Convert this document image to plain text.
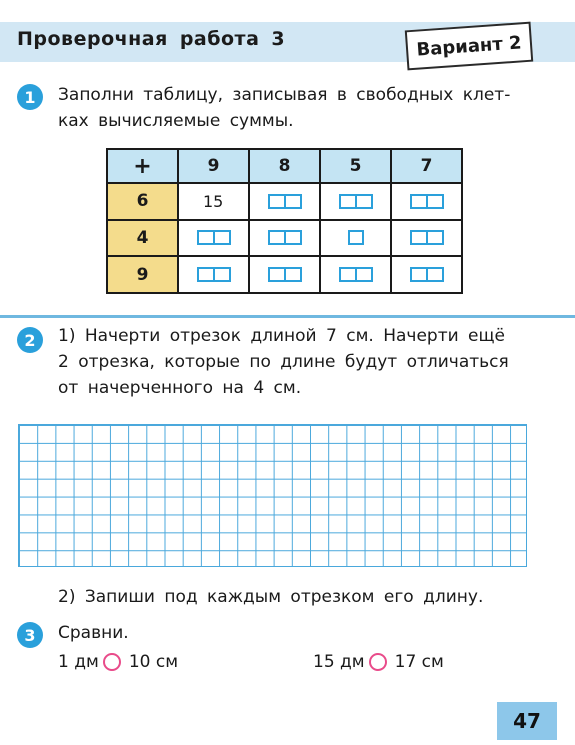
Проверочная работа 3	Вариант 2
1	Заполни таблицу, записывая в свободных клет-
ках вычисляемые суммы.
+	9	8	5	7
6	15	

4	

9	

2	1) Начерти отрезок длиной 7 см. Начерти ещё
2 отрезка, которые по длине будут отличаться
от начерченного на 4 см.
2) Запиши под каждым отрезком его длину.
3	Сравни.
1 дм 10 см	15 дм 17 см
47
